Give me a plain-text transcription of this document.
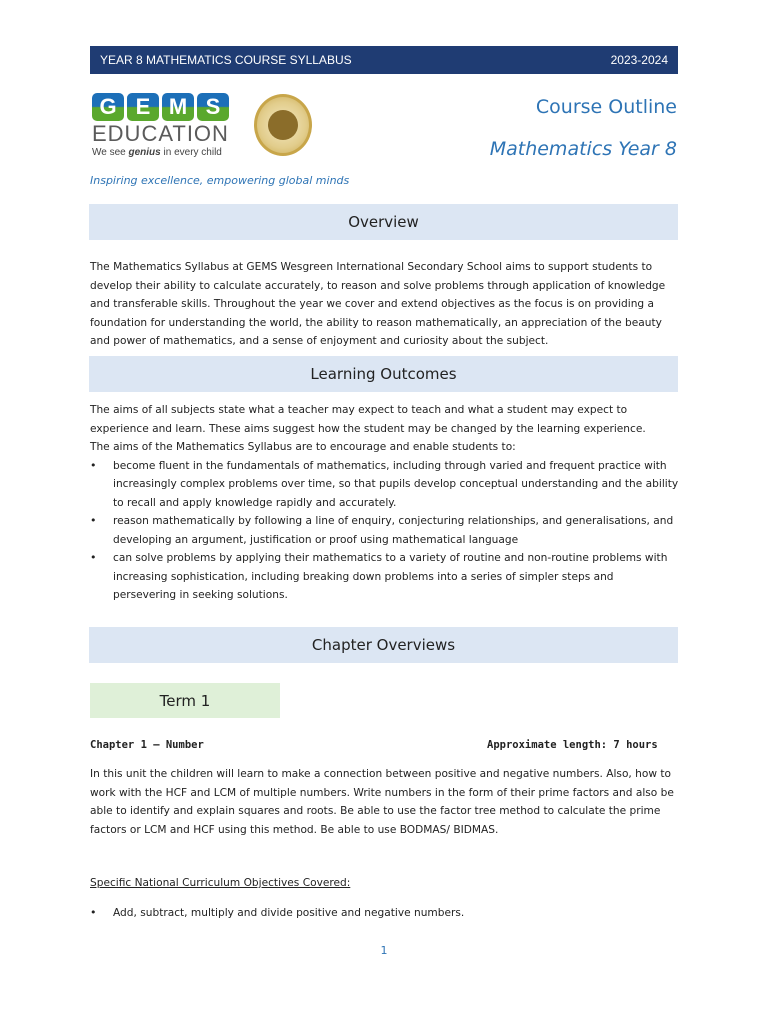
YEAR 8 MATHEMATICS COURSE SYLLABUS	2023-2024
G E M S
EDUCATION
We see genius in every child
Inspiring excellence, empowering global minds
Course Outline
Mathematics Year 8
Overview

The Mathematics Syllabus at GEMS Wesgreen International Secondary School aims to support students to develop their ability to calculate accurately, to reason and solve problems through application of knowledge and transferable skills. Throughout the year we cover and extend objectives as the focus is on providing a foundation for understanding the world, the ability to reason mathematically, an appreciation of the beauty and power of mathematics, and a sense of enjoyment and curiosity about the subject.

Learning Outcomes

The aims of all subjects state what a teacher may expect to teach and what a student may expect to experience and learn. These aims suggest how the student may be changed by the learning experience.

The aims of the Mathematics Syllabus are to encourage and enable students to:

• become fluent in the fundamentals of mathematics, including through varied and frequent practice with increasingly complex problems over time, so that pupils develop conceptual understanding and the ability to recall and apply knowledge rapidly and accurately.
• reason mathematically by following a line of enquiry, conjecturing relationships, and generalisations, and developing an argument, justification or proof using mathematical language
• can solve problems by applying their mathematics to a variety of routine and non-routine problems with increasing sophistication, including breaking down problems into a series of simpler steps and persevering in seeking solutions.
Chapter Overviews
Term 1
Chapter 1 – Number	Approximate length: 7 hours

In this unit the children will learn to make a connection between positive and negative numbers. Also, how to work with the HCF and LCM of multiple numbers. Write numbers in the form of their prime factors and also be able to identify and explain squares and roots. Be able to use the factor tree method to calculate the prime factors or LCM and HCF using this method. Be able to use BODMAS/ BIDMAS.

Specific National Curriculum Objectives Covered:
• Add, subtract, multiply and divide positive and negative numbers.
1
